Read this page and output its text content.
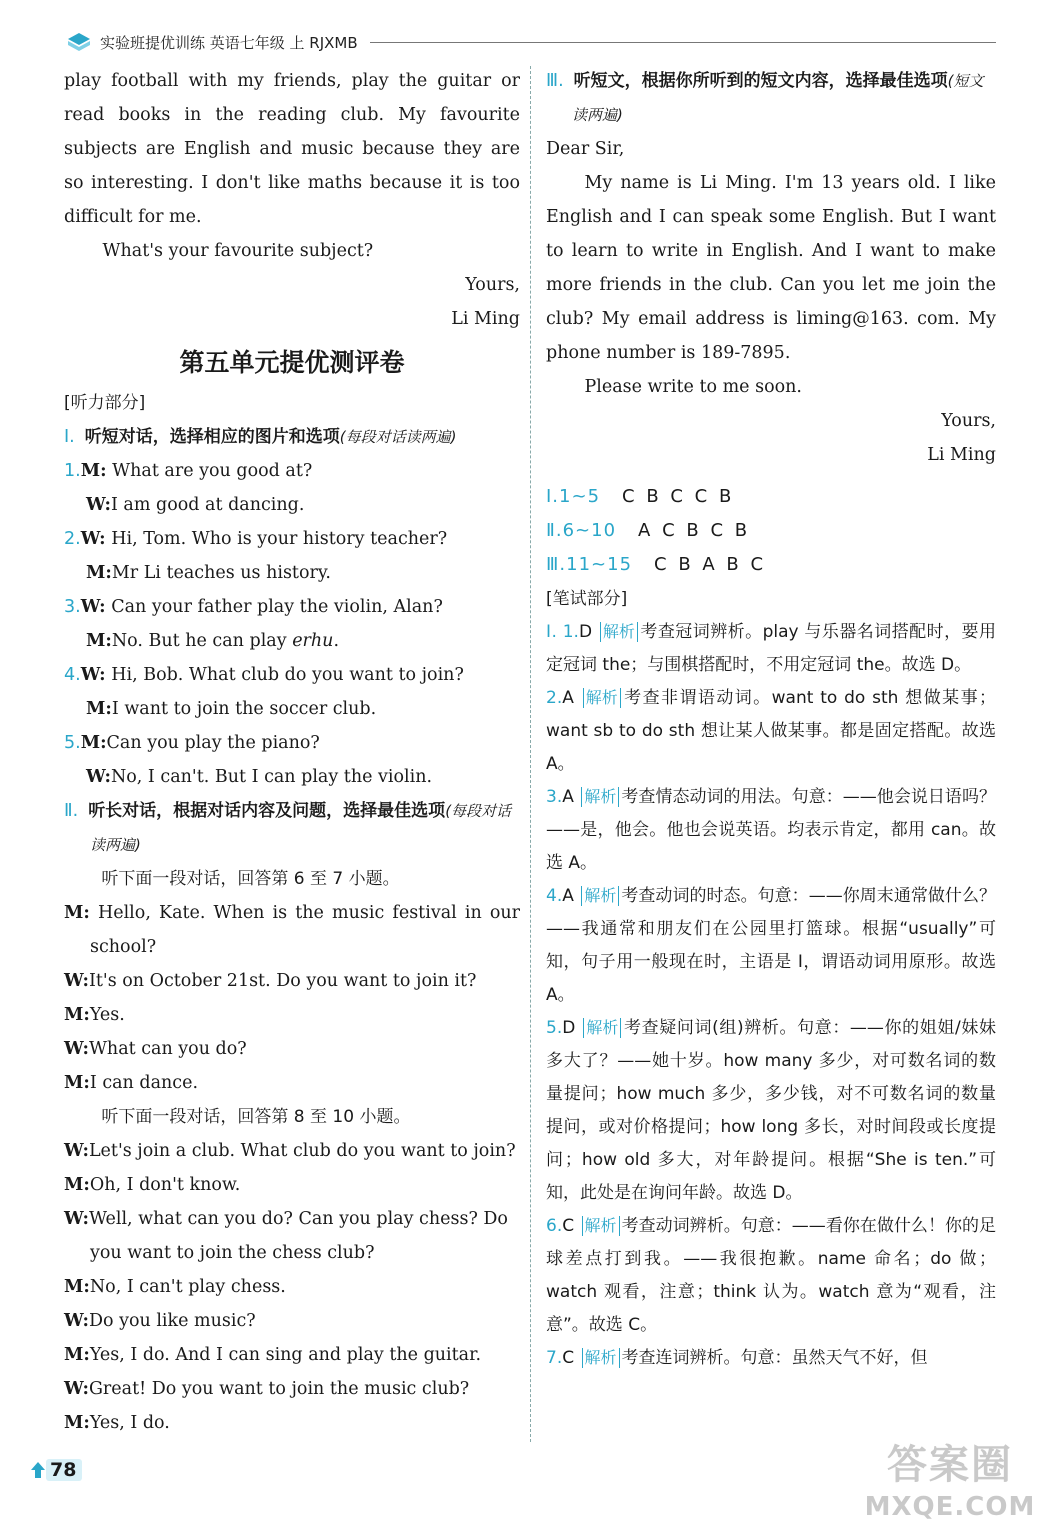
实验班提优训练 英语七年级 上 RJXMB

play football with my friends, play the guitar or read books in the reading club. My favourite subjects are English and music because they are so interesting. I don't like maths because it is too difficult for me.

What's your favourite subject?

Yours,

Li Ming

第五单元提优测评卷

[听力部分]

Ⅰ. 听短对话，选择相应的图片和选项(每段对话读两遍)

1.M: What are you good at?

W:I am good at dancing.

2.W: Hi, Tom. Who is your history teacher?

M:Mr Li teaches us history.

3.W: Can your father play the violin, Alan?

M:No. But he can play erhu.

4.W: Hi, Bob. What club do you want to join?

M:I want to join the soccer club.

5.M:Can you play the piano?

W:No, I can't. But I can play the violin.

Ⅱ. 听长对话，根据对话内容及问题，选择最佳选项(每段对话读两遍)

听下面一段对话，回答第 6 至 7 小题。

M: Hello, Kate. When is the music festival in our school?

W:It's on October 21st. Do you want to join it?

M:Yes.

W:What can you do?

M:I can dance.

听下面一段对话，回答第 8 至 10 小题。

W:Let's join a club. What club do you want to join?

M:Oh, I don't know.

W:Well, what can you do? Can you play chess? Do you want to join the chess club?

M:No, I can't play chess.

W:Do you like music?

M:Yes, I do. And I can sing and play the guitar.

W:Great! Do you want to join the music club?

M:Yes, I do.

Ⅲ. 听短文，根据你所听到的短文内容，选择最佳选项(短文读两遍)

Dear Sir,

My name is Li Ming. I'm 13 years old. I like English and I can speak some English. But I want to learn to write in English. And I want to make more friends in the club. Can you let me join the club? My email address is liming@163. com. My phone number is 189-7895.

Please write to me soon.

Yours,

Li Ming

Ⅰ.1~5 C B C C B

Ⅱ.6~10 A C B C B

Ⅲ.11~15 C B A B C

[笔试部分]

Ⅰ. 1.D 解析 考查冠词辨析。play 与乐器名词搭配时，要用定冠词 the；与围棋搭配时，不用定冠词 the。故选 D。

2.A 解析 考查非谓语动词。want to do sth 想做某事；want sb to do sth 想让某人做某事。都是固定搭配。故选 A。

3.A 解析 考查情态动词的用法。句意：——他会说日语吗？——是，他会。他也会说英语。均表示肯定，都用 can。故选 A。

4.A 解析 考查动词的时态。句意：——你周末通常做什么？——我通常和朋友们在公园里打篮球。根据“usually”可知，句子用一般现在时，主语是 I，谓语动词用原形。故选 A。

5.D 解析 考查疑问词(组)辨析。句意：——你的姐姐/妹妹多大了？——她十岁。how many 多少，对可数名词的数量提问；how much 多少，多少钱，对不可数名词的数量提问，或对价格提问；how long 多长，对时间段或长度提问；how old 多大，对年龄提问。根据“She is ten.”可知，此处是在询问年龄。故选 D。

6.C 解析 考查动词辨析。句意：——看你在做什么！你的足球差点打到我。——我很抱歉。name 命名；do 做；watch 观看，注意；think 认为。watch 意为“观看，注意”。故选 C。

7.C 解析 考查连词辨析。句意：虽然天气不好，但

78	答案圈
MXQE.COM
